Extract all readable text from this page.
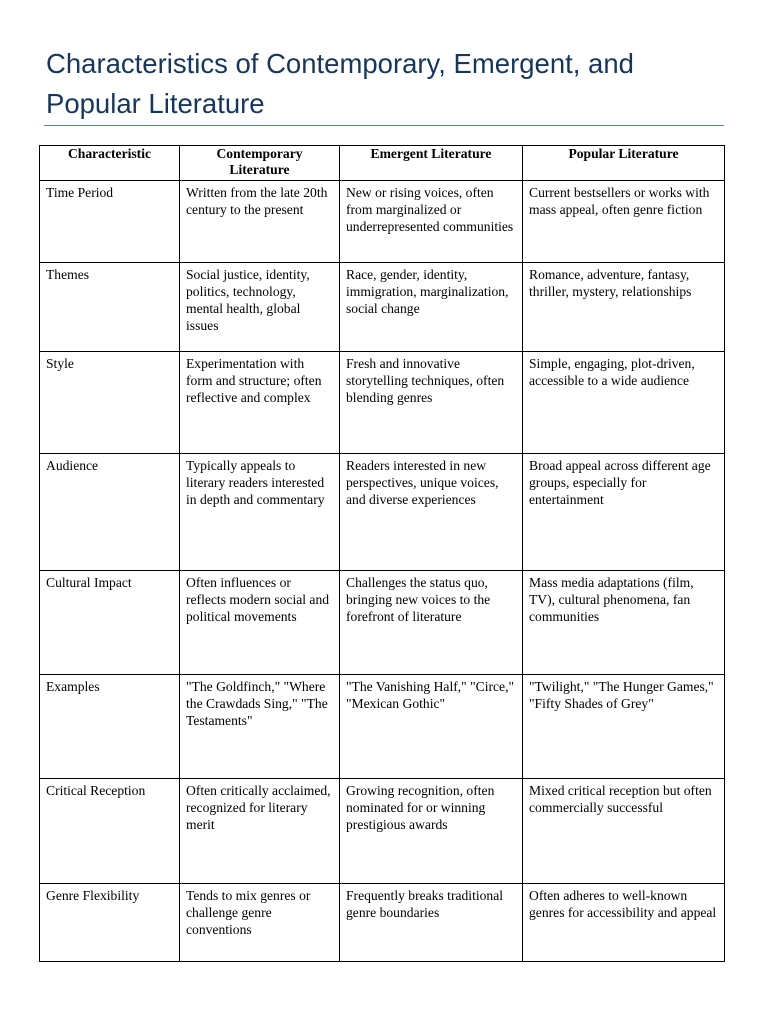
Characteristics of Contemporary, Emergent, and Popular Literature
Characteristic	Contemporary Literature	Emergent Literature	Popular Literature
Time Period	Written from the late 20th century to the present	New or rising voices, often from marginalized or underrepresented communities	Current bestsellers or works with mass appeal, often genre fiction
Themes	Social justice, identity, politics, technology, mental health, global issues	Race, gender, identity, immigration, marginalization, social change	Romance, adventure, fantasy, thriller, mystery, relationships
Style	Experimentation with form and structure; often reflective and complex	Fresh and innovative storytelling techniques, often blending genres	Simple, engaging, plot-driven, accessible to a wide audience
Audience	Typically appeals to literary readers interested in depth and commentary	Readers interested in new perspectives, unique voices, and diverse experiences	Broad appeal across different age groups, especially for entertainment
Cultural Impact	Often influences or reflects modern social and political movements	Challenges the status quo, bringing new voices to the forefront of literature	Mass media adaptations (film, TV), cultural phenomena, fan communities
Examples	"The Goldfinch," "Where the Crawdads Sing," "The Testaments"	"The Vanishing Half," "Circe," "Mexican Gothic"	"Twilight," "The Hunger Games," "Fifty Shades of Grey"
Critical Reception	Often critically acclaimed, recognized for literary merit	Growing recognition, often nominated for or winning prestigious awards	Mixed critical reception but often commercially successful
Genre Flexibility	Tends to mix genres or challenge genre conventions	Frequently breaks traditional genre boundaries	Often adheres to well-known genres for accessibility and appeal
